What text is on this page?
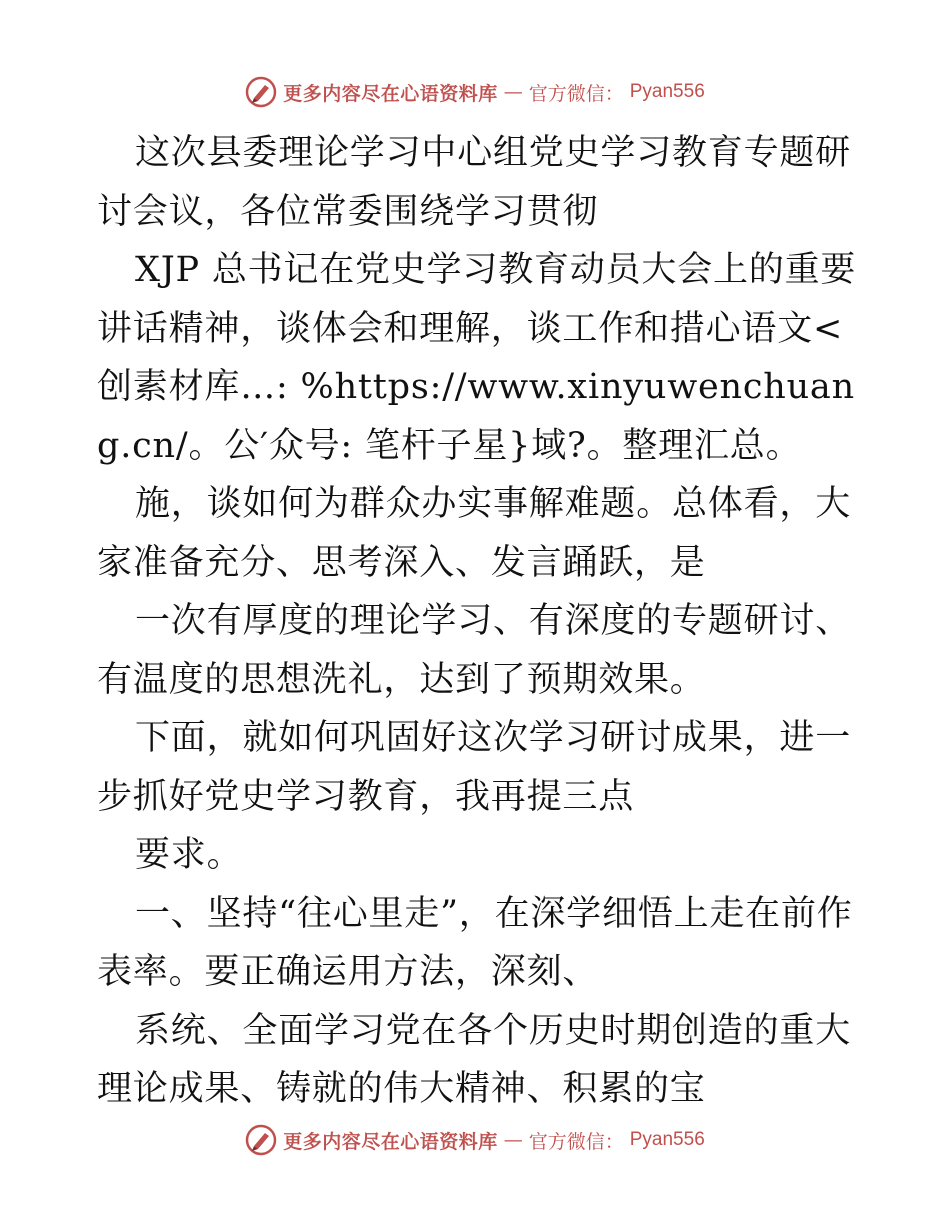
更多内容尽在心语资料库 — 官方微信： Pyan556

这次县委理论学习中心组党史学习教育专题研讨会议，各位常委围绕学习贯彻

XJP 总书记在党史学习教育动员大会上的重要讲话精神，谈体会和理解，谈工作和措心语文<创素材库…: %https://www.xinyuwenchuang.cn/。公′众号: 笔杆子星}域?。整理汇总。

施，谈如何为群众办实事解难题。总体看，大家准备充分、思考深入、发言踊跃，是

一次有厚度的理论学习、有深度的专题研讨、有温度的思想洗礼，达到了预期效果。

下面，就如何巩固好这次学习研讨成果，进一步抓好党史学习教育，我再提三点

要求。

一、坚持“往心里走”，在深学细悟上走在前作表率。要正确运用方法，深刻、

系统、全面学习党在各个历史时期创造的重大理论成果、铸就的伟大精神、积累的宝

更多内容尽在心语资料库 — 官方微信： Pyan556
